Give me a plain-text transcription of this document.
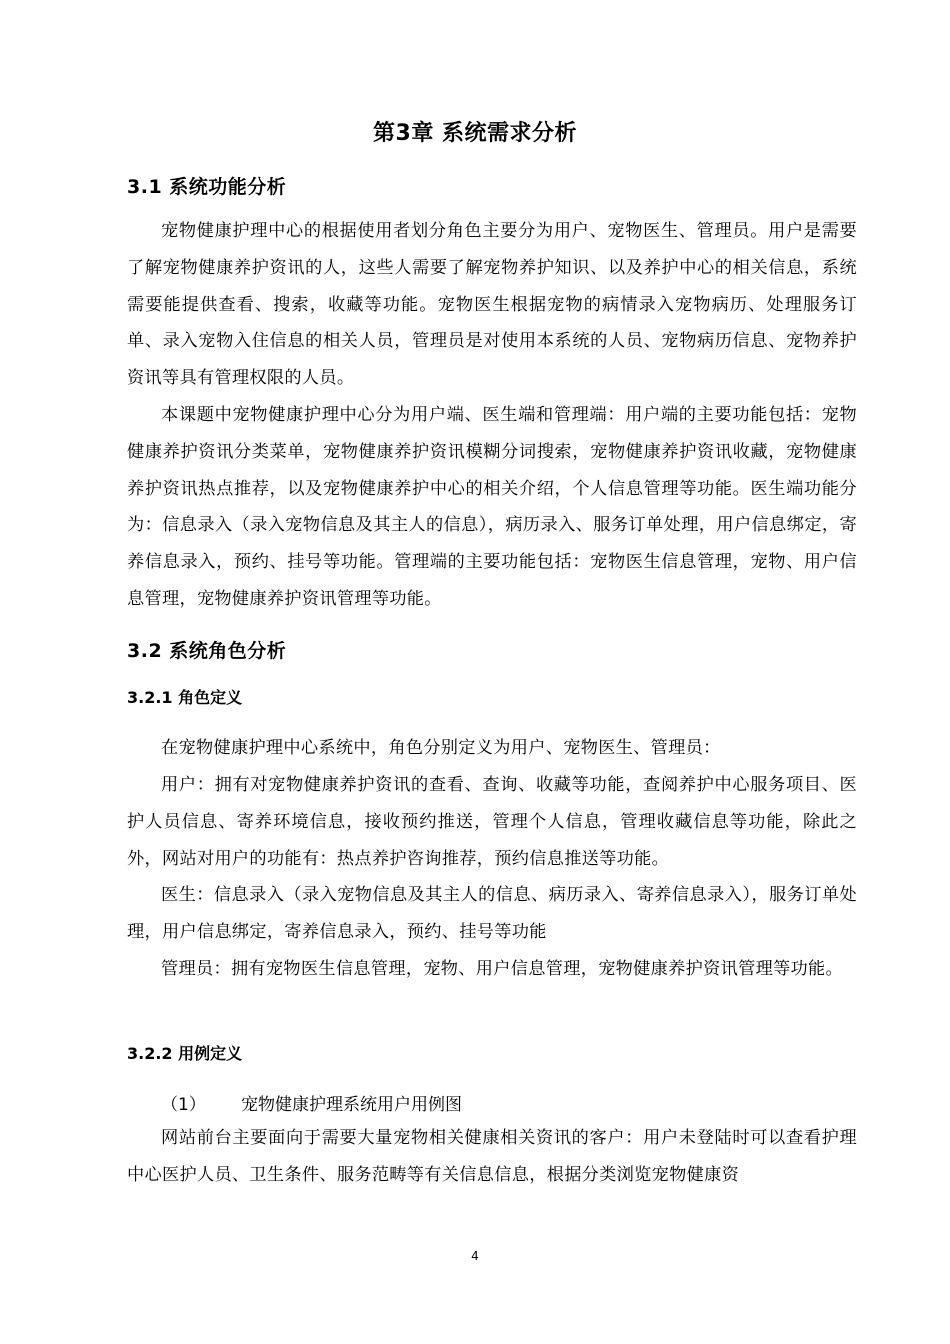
第3章 系统需求分析
3.1 系统功能分析

宠物健康护理中心的根据使用者划分角色主要分为用户、宠物医生、管理员。用户是需要了解宠物健康养护资讯的人，这些人需要了解宠物养护知识、以及养护中心的相关信息，系统需要能提供查看、搜索，收藏等功能。宠物医生根据宠物的病情录入宠物病历、处理服务订单、录入宠物入住信息的相关人员，管理员是对使用本系统的人员、宠物病历信息、宠物养护资讯等具有管理权限的人员。

本课题中宠物健康护理中心分为用户端、医生端和管理端：用户端的主要功能包括：宠物健康养护资讯分类菜单，宠物健康养护资讯模糊分词搜索，宠物健康养护资讯收藏，宠物健康养护资讯热点推荐，以及宠物健康养护中心的相关介绍，个人信息管理等功能。医生端功能分为：信息录入（录入宠物信息及其主人的信息），病历录入、服务订单处理，用户信息绑定，寄养信息录入，预约、挂号等功能。管理端的主要功能包括：宠物医生信息管理，宠物、用户信息管理，宠物健康养护资讯管理等功能。

3.2 系统角色分析
3.2.1 角色定义

在宠物健康护理中心系统中，角色分别定义为用户、宠物医生、管理员：

用户：拥有对宠物健康养护资讯的查看、查询、收藏等功能，查阅养护中心服务项目、医护人员信息、寄养环境信息，接收预约推送，管理个人信息，管理收藏信息等功能，除此之外，网站对用户的功能有：热点养护咨询推荐，预约信息推送等功能。

医生：信息录入（录入宠物信息及其主人的信息、病历录入、寄养信息录入），服务订单处理，用户信息绑定，寄养信息录入，预约、挂号等功能

管理员：拥有宠物医生信息管理，宠物、用户信息管理，宠物健康养护资讯管理等功能。

3.2.2 用例定义

（1） 宠物健康护理系统用户用例图

网站前台主要面向于需要大量宠物相关健康相关资讯的客户：用户未登陆时可以查看护理中心医护人员、卫生条件、服务范畴等有关信息信息，根据分类浏览宠物健康资

4
